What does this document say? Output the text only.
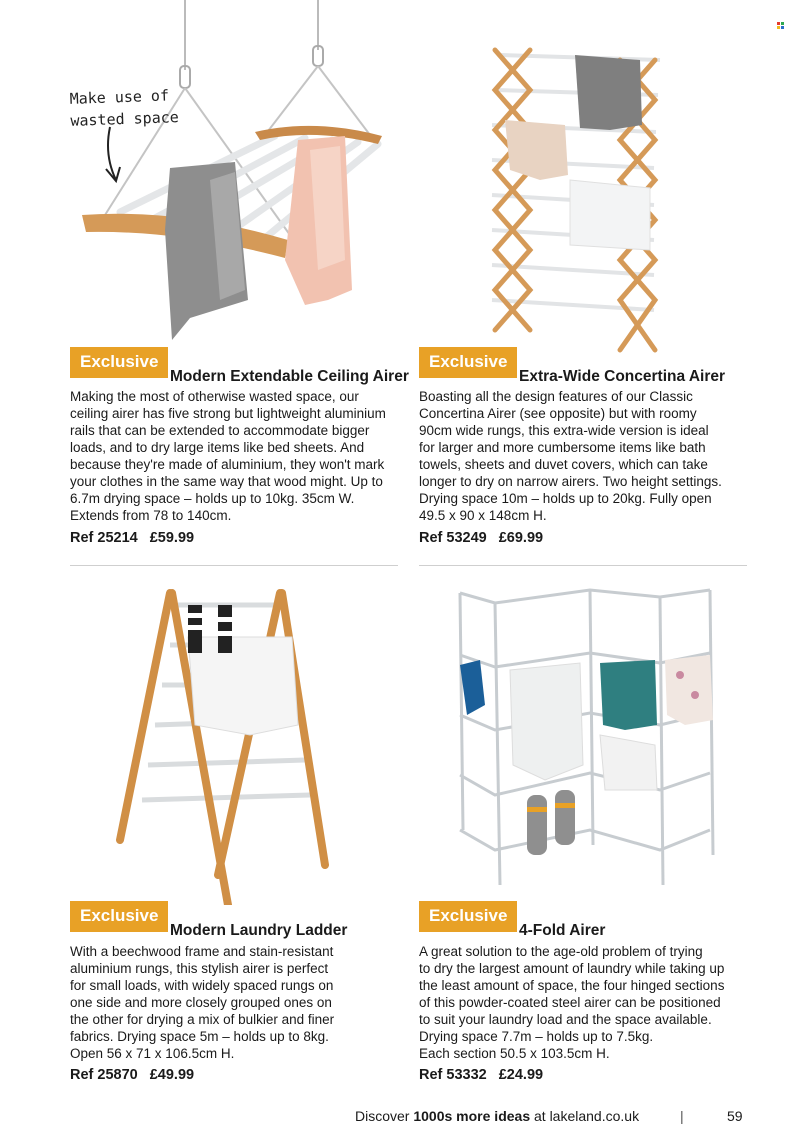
Make use of
wasted space
Exclusive
Modern Extendable Ceiling Airer
Making the most of otherwise wasted space, our
ceiling airer has five strong but lightweight aluminium
rails that can be extended to accommodate bigger
loads, and to dry large items like bed sheets. And
because they're made of aluminium, they won't mark
your clothes in the same way that wood might. Up to
6.7m drying space – holds up to 10kg. 35cm W.
Extends from 78 to 140cm.
Ref 25214 £59.99
Exclusive
Extra-Wide Concertina Airer
Boasting all the design features of our Classic
Concertina Airer (see opposite) but with roomy
90cm wide rungs, this extra-wide version is ideal
for larger and more cumbersome items like bath
towels, sheets and duvet covers, which can take
longer to dry on narrow airers. Two height settings.
Drying space 10m – holds up to 20kg. Fully open
49.5 x 90 x 148cm H.
Ref 53249 £69.99
Exclusive
Modern Laundry Ladder
With a beechwood frame and stain-resistant
aluminium rungs, this stylish airer is perfect
for small loads, with widely spaced rungs on
one side and more closely grouped ones on
the other for drying a mix of bulkier and finer
fabrics. Drying space 5m – holds up to 8kg.
Open 56 x 71 x 106.5cm H.
Ref 25870 £49.99
Exclusive
4-Fold Airer
A great solution to the age-old problem of trying
to dry the largest amount of laundry while taking up
the least amount of space, the four hinged sections
of this powder-coated steel airer can be positioned
to suit your laundry load and the space available.
Drying space 7.7m – holds up to 7.5kg.
Each section 50.5 x 103.5cm H.
Ref 53332 £24.99
Discover 1000s more ideas at lakeland.co.uk	|	59
